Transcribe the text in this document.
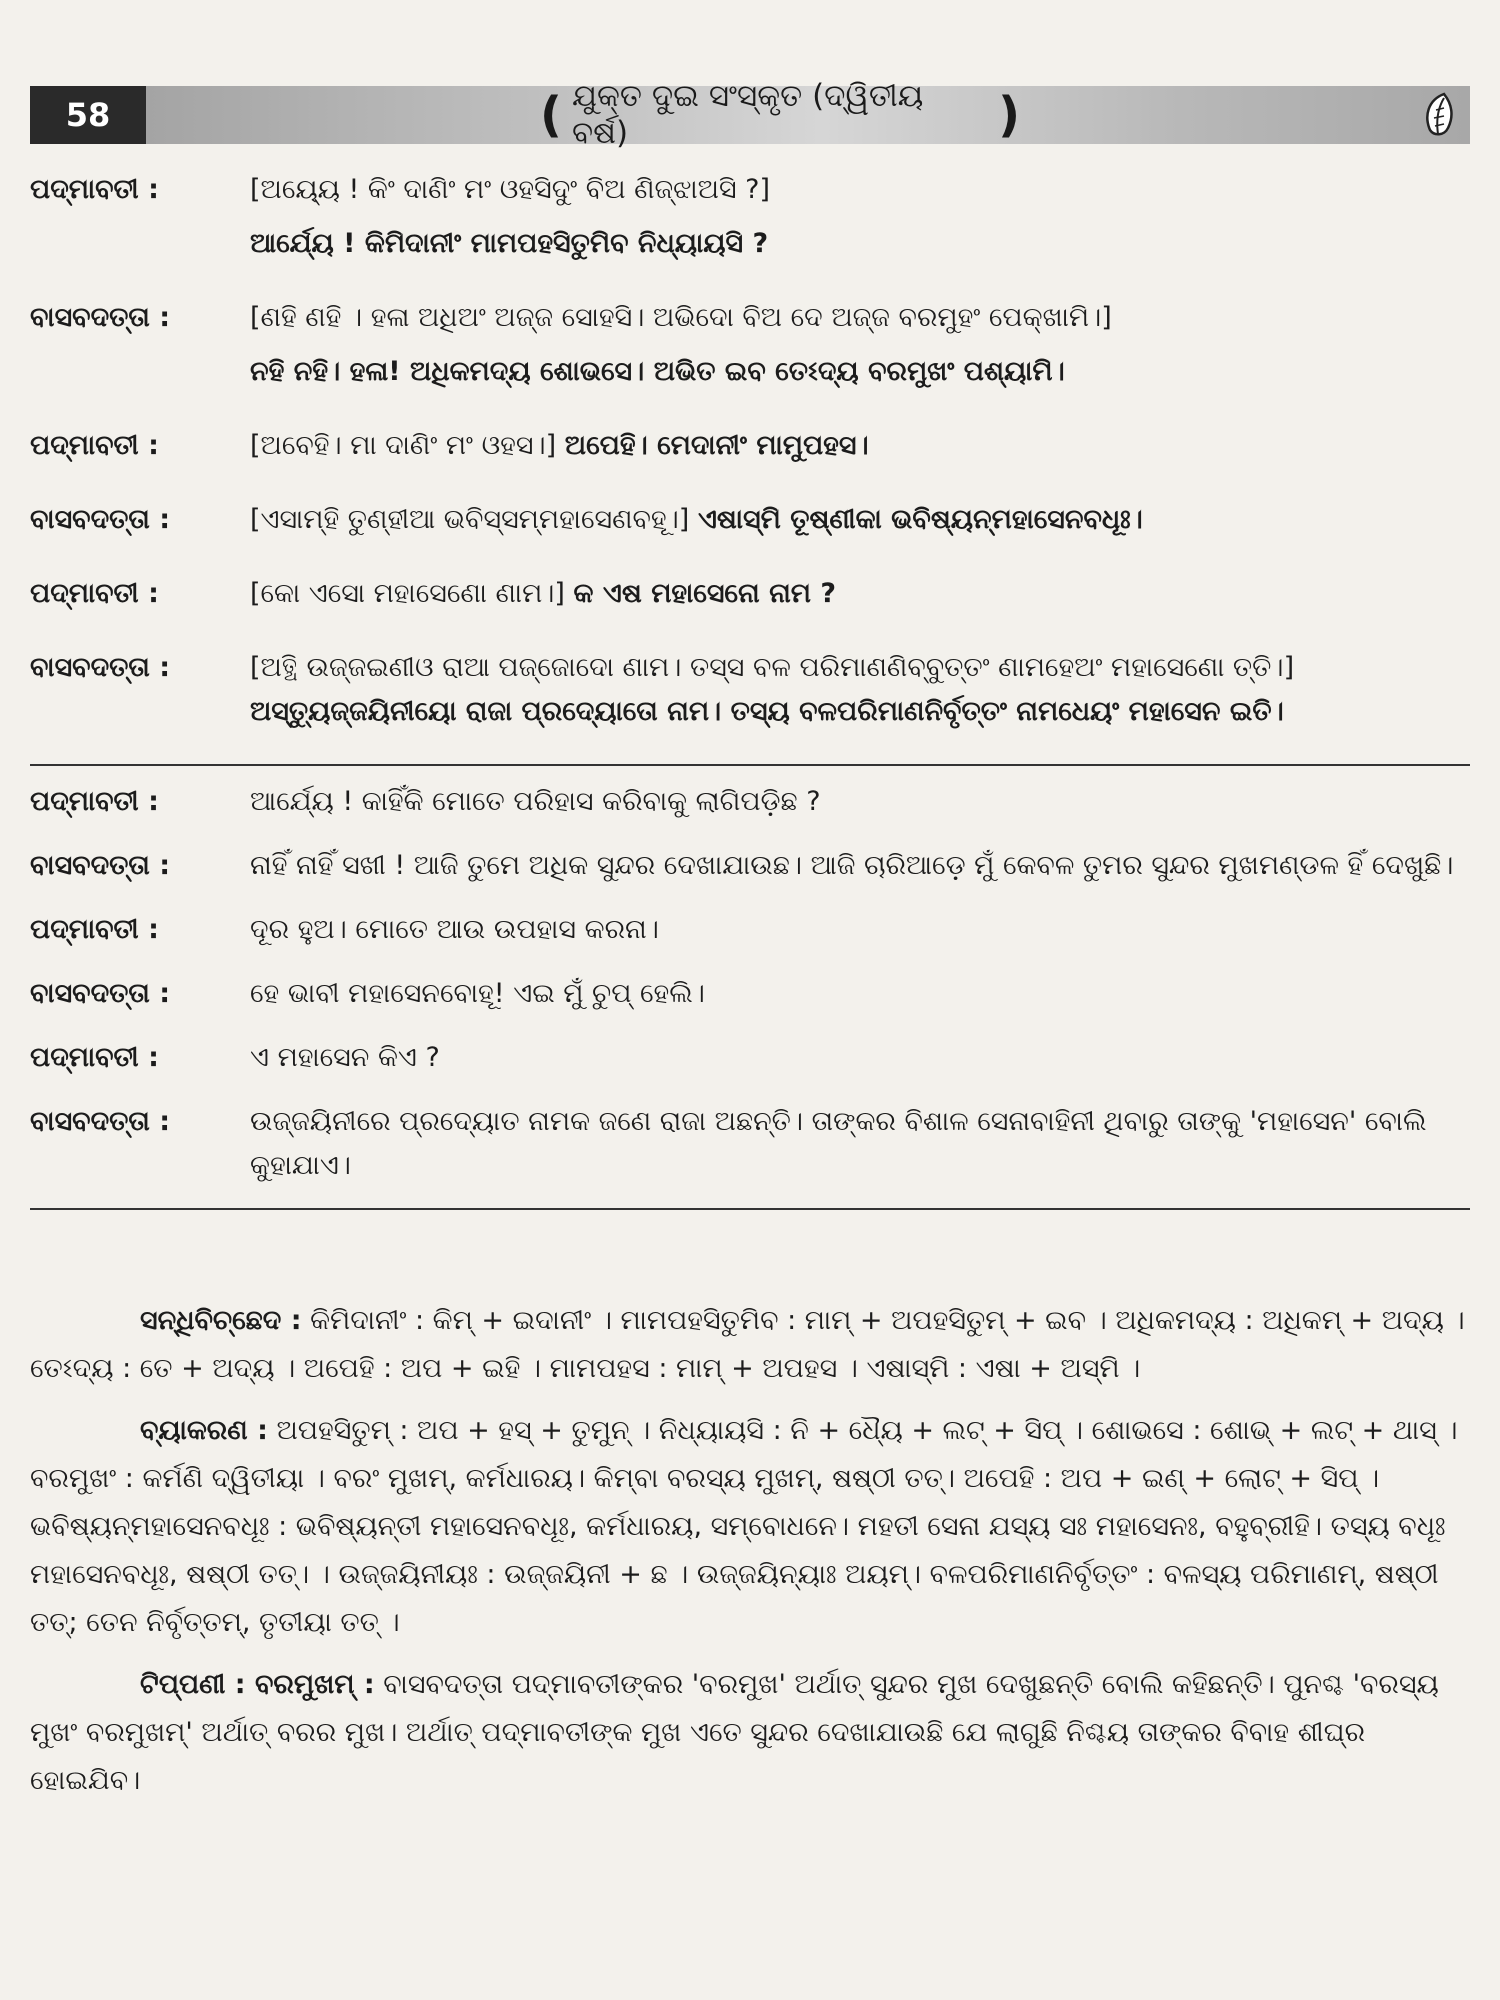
58	( ଯୁକ୍ତ ଦୁଇ ସଂସ୍କୃତ (ଦ୍ୱିତୀୟ ବର୍ଷ)	)
ପଦ୍ମାବତୀ :	[ଅୟ୍ୟେ ! କିଂ ଦାଣିଂ ମଂ ଓହସିଦୁଂ ବିଅ ଣିଜ୍ଝାଅସି ?]

ଆର୍ଯ୍ୟେ ! କିମିଦାନୀଂ ମାମପହସିତୁମିବ ନିଧ୍ୟାୟସି ?

ବାସବଦତ୍ତା :	[ଣହି ଣହି । ହଳା ଅଧିଅଂ ଅଜ୍ଜ ସୋହସି। ଅଭିଦୋ ବିଅ ଦେ ଅଜ୍ଜ ବରମୁହଂ ପେକ୍‌ଖାମି।]

ନହି ନହି। ହଳା! ଅଧିକମଦ୍ୟ ଶୋଭସେ। ଅଭିତ ଇବ ତେଽଦ୍ୟ ବରମୁଖଂ ପଶ୍ୟାମି।

ପଦ୍ମାବତୀ :	[ଅବେହି। ମା ଦାଣିଂ ମଂ ଓହସ।] ଅପେହି। ମେଦାନୀଂ ମାମୁପହସ।

ବାସବଦତ୍ତା :	[ଏସାମ୍ହି ତୁଣ୍ହୀଆ ଭବିସ୍ସମ୍ମହାସେଣବହୂ।] ଏଷାସ୍ମି ତୂଷ୍ଣୀକା ଭବିଷ୍ୟନ୍ମହାସେନବଧୂଃ।

ପଦ୍ମାବତୀ :	[କୋ ଏସୋ ମହାସେଣୋ ଣାମ।] କ ଏଷ ମହାସେନୋ ନାମ ?

ବାସବଦତ୍ତା :	[ଅତ୍ଥି ଉଜ୍ଜଇଣୀଓ ରାଆ ପଜ୍ଜୋଦୋ ଣାମ। ତସ୍ସ ବଳ ପରିମାଣଣିବ୍ବୁତ୍ତଂ ଣାମହେଅଂ ମହାସେଣୋ ତ୍ତି।] ଅସ୍ତ୍ୟୁଜ୍ଜୟିନୀୟୋ ରାଜା ପ୍ରଦ୍ୟୋତୋ ନାମ। ତସ୍ୟ ବଳପରିମାଣନିର୍ବୃତ୍ତଂ ନାମଧେୟଂ ମହାସେନ ଇତି।

ପଦ୍ମାବତୀ :	ଆର୍ଯ୍ୟେ ! କାହିଁକି ମୋତେ ପରିହାସ କରିବାକୁ ଲାଗିପଡ଼ିଛ ?
ବାସବଦତ୍ତା :	ନାହିଁ ନାହିଁ ସଖୀ ! ଆଜି ତୁମେ ଅଧିକ ସୁନ୍ଦର ଦେଖାଯାଉଛ। ଆଜି ଚାରିଆଡ଼େ ମୁଁ କେବଳ ତୁମର ସୁନ୍ଦର ମୁଖମଣ୍ଡଳ ହିଁ ଦେଖୁଛି।
ପଦ୍ମାବତୀ :	ଦୂର ହୁଅ। ମୋତେ ଆଉ ଉପହାସ କରନା।
ବାସବଦତ୍ତା :	ହେ ଭାବୀ ମହାସେନବୋହୂ! ଏଇ ମୁଁ ଚୁପ୍ ହେଲି।
ପଦ୍ମାବତୀ :	ଏ ମହାସେନ କିଏ ?
ବାସବଦତ୍ତା :	ଉଜ୍ଜୟିନୀରେ ପ୍ରଦ୍ୟୋତ ନାମକ ଜଣେ ରାଜା ଅଛନ୍ତି। ତାଙ୍କର ବିଶାଳ ସେନାବାହିନୀ ଥିବାରୁ ତାଙ୍କୁ 'ମହାସେନ' ବୋଲି କୁହାଯାଏ।

ସନ୍ଧିବିଚ୍ଛେଦ : କିମିଦାନୀଂ : କିମ୍ + ଇଦାନୀଂ । ମାମପହସିତୁମିବ : ମାମ୍ + ଅପହସିତୁମ୍ + ଇବ । ଅଧିକମଦ୍ୟ : ଅଧିକମ୍ + ଅଦ୍ୟ । ତେଽଦ୍ୟ : ତେ + ଅଦ୍ୟ । ଅପେହି : ଅପ + ଇହି । ମାମପହସ : ମାମ୍ + ଅପହସ । ଏଷାସ୍ମି : ଏଷା + ଅସ୍ମି ।

ବ୍ୟାକରଣ : ଅପହସିତୁମ୍ : ଅପ + ହସ୍ + ତୁମୁନ୍ । ନିଧ୍ୟାୟସି : ନି + ଧ୍ୟୈ + ଲଟ୍ + ସିପ୍ । ଶୋଭସେ : ଶୋଭ୍ + ଲଟ୍ + ଥାସ୍ । ବରମୁଖଂ : କର୍ମଣି ଦ୍ୱିତୀୟା । ବରଂ ମୁଖମ୍, କର୍ମଧାରୟ। କିମ୍ବା ବରସ୍ୟ ମୁଖମ୍, ଷଷ୍ଠୀ ତତ୍। ଅପେହି : ଅପ + ଇଣ୍ + ଲୋଟ୍ + ସିପ୍ । ଭବିଷ୍ୟନ୍ମହାସେନବଧୂଃ : ଭବିଷ୍ୟନ୍ତୀ ମହାସେନବଧୂଃ, କର୍ମଧାରୟ, ସମ୍ବୋଧନେ। ମହତୀ ସେନା ଯସ୍ୟ ସଃ ମହାସେନଃ, ବହୁବ୍ରୀହି। ତସ୍ୟ ବଧୂଃ ମହାସେନବଧୂଃ, ଷଷ୍ଠୀ ତତ୍। । ଉଜ୍ଜୟିନୀୟଃ : ଉଜ୍ଜୟିନୀ + ଛ । ଉଜ୍ଜୟିନ୍ୟାଃ ଅୟମ୍। ବଳପରିମାଣନିର୍ବୃତ୍ତଂ : ବଳସ୍ୟ ପରିମାଣମ୍, ଷଷ୍ଠୀ ତତ୍; ତେନ ନିର୍ବୃତ୍ତମ୍, ତୃତୀୟା ତତ୍ ।

ଟିପ୍ପଣୀ : ବରମୁଖମ୍ : ବାସବଦତ୍ତା ପଦ୍ମାବତୀଙ୍କର 'ବରମୁଖ' ଅର୍ଥାତ୍ ସୁନ୍ଦର ମୁଖ ଦେଖୁଛନ୍ତି ବୋଲି କହିଛନ୍ତି। ପୁନଶ୍ଚ 'ବରସ୍ୟ ମୁଖଂ ବରମୁଖମ୍' ଅର୍ଥାତ୍ ବରର ମୁଖ। ଅର୍ଥାତ୍ ପଦ୍ମାବତୀଙ୍କ ମୁଖ ଏତେ ସୁନ୍ଦର ଦେଖାଯାଉଛି ଯେ ଲାଗୁଛି ନିଶ୍ଚୟ ତାଙ୍କର ବିବାହ ଶୀଘ୍ର ହୋଇଯିବ।
